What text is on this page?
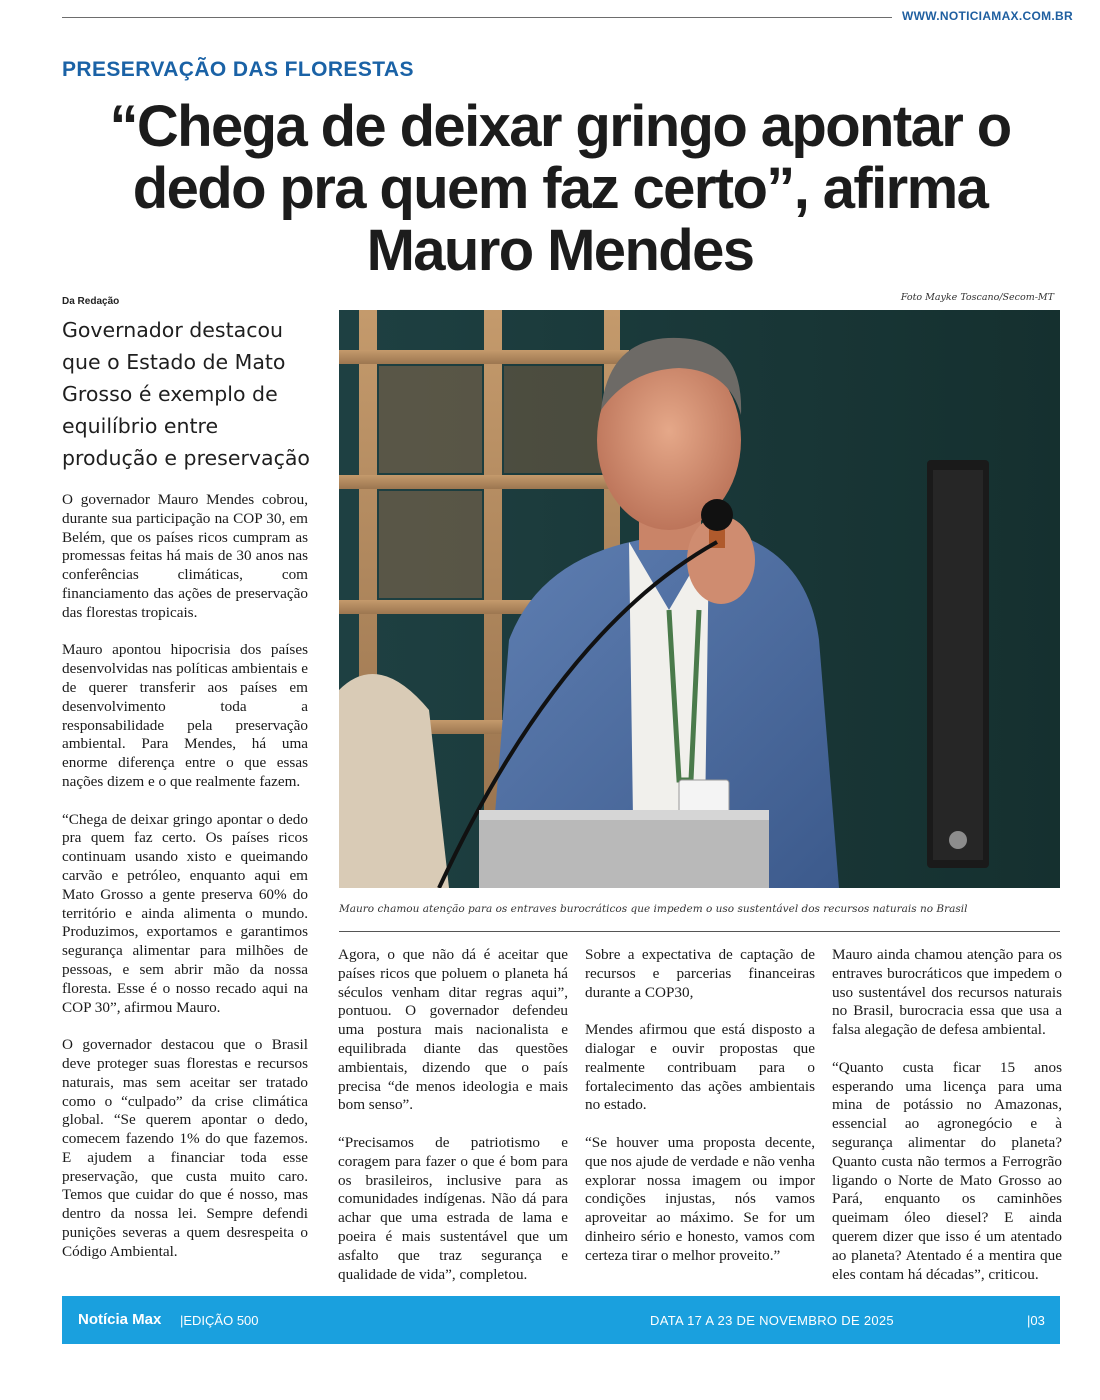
WWW.NOTICIAMAX.COM.BR
PRESERVAÇÃO DAS FLORESTAS
“Chega de deixar gringo apontar o dedo pra quem faz certo”, afirma Mauro Mendes
Da Redação	Foto Mayke Toscano/Secom-MT
Governador destacou que o Estado de Mato Grosso é exemplo de equilíbrio entre produção e preservação

O governador Mauro Mendes cobrou, durante sua participação na COP 30, em Belém, que os países ricos cumpram as promessas feitas há mais de 30 anos nas conferências climáticas, com financiamento das ações de preservação das florestas tropicais.

Mauro apontou hipocrisia dos países desenvolvidas nas políticas ambientais e de querer transferir aos países em desenvolvimento toda a responsabilidade pela preservação ambiental. Para Mendes, há uma enorme diferença entre o que essas nações dizem e o que realmente fazem.

“Chega de deixar gringo apontar o dedo pra quem faz certo. Os países ricos continuam usando xisto e queimando carvão e petróleo, enquanto aqui em Mato Grosso a gente preserva 60% do território e ainda alimenta o mundo. Produzimos, exportamos e garantimos segurança alimentar para milhões de pessoas, e sem abrir mão da nossa floresta. Esse é o nosso recado aqui na COP 30”, afirmou Mauro.

O governador destacou que o Brasil deve proteger suas florestas e recursos naturais, mas sem aceitar ser tratado como o “culpado” da crise climática global. “Se querem apontar o dedo, comecem fazendo 1% do que fazemos. E ajudem a financiar toda esse preservação, que custa muito caro. Temos que cuidar do que é nosso, mas dentro da nossa lei. Sempre defendi punições severas a quem desrespeita o Código Ambiental.

Mauro chamou atenção para os entraves burocráticos que impedem o uso sustentável dos recursos naturais no Brasil

Agora, o que não dá é aceitar que países ricos que poluem o planeta há séculos venham ditar regras aqui”, pontuou. O governador defendeu uma postura mais nacionalista e equilibrada diante das questões ambientais, dizendo que o país precisa “de menos ideologia e mais bom senso”.

“Precisamos de patriotismo e coragem para fazer o que é bom para os brasileiros, inclusive para as comunidades indígenas. Não dá para achar que uma estrada de lama e poeira é mais sustentável que um asfalto que traz segurança e qualidade de vida”, completou.

Sobre a expectativa de captação de recursos e parcerias financeiras durante a COP30,

Mendes afirmou que está disposto a dialogar e ouvir propostas que realmente contribuam para o fortalecimento das ações ambientais no estado.

“Se houver uma proposta decente, que nos ajude de verdade e não venha explorar nossa imagem ou impor condições injustas, nós vamos aproveitar ao máximo. Se for um dinheiro sério e honesto, vamos com certeza tirar o melhor proveito.”

Mauro ainda chamou atenção para os entraves burocráticos que impedem o uso sustentável dos recursos naturais no Brasil, burocracia essa que usa a falsa alegação de defesa ambiental.

“Quanto custa ficar 15 anos esperando uma licença para uma mina de potássio no Amazonas, essencial ao agronegócio e à segurança alimentar do planeta? Quanto custa não termos a Ferrogrão ligando o Norte de Mato Grosso ao Pará, enquanto os caminhões queimam óleo diesel? E ainda querem dizer que isso é um atentado ao planeta? Atentado é a mentira que eles contam há décadas”, criticou.

Notícia Max |EDIÇÃO 500	DATA 17 A 23 DE NOVEMBRO DE 2025	|03
